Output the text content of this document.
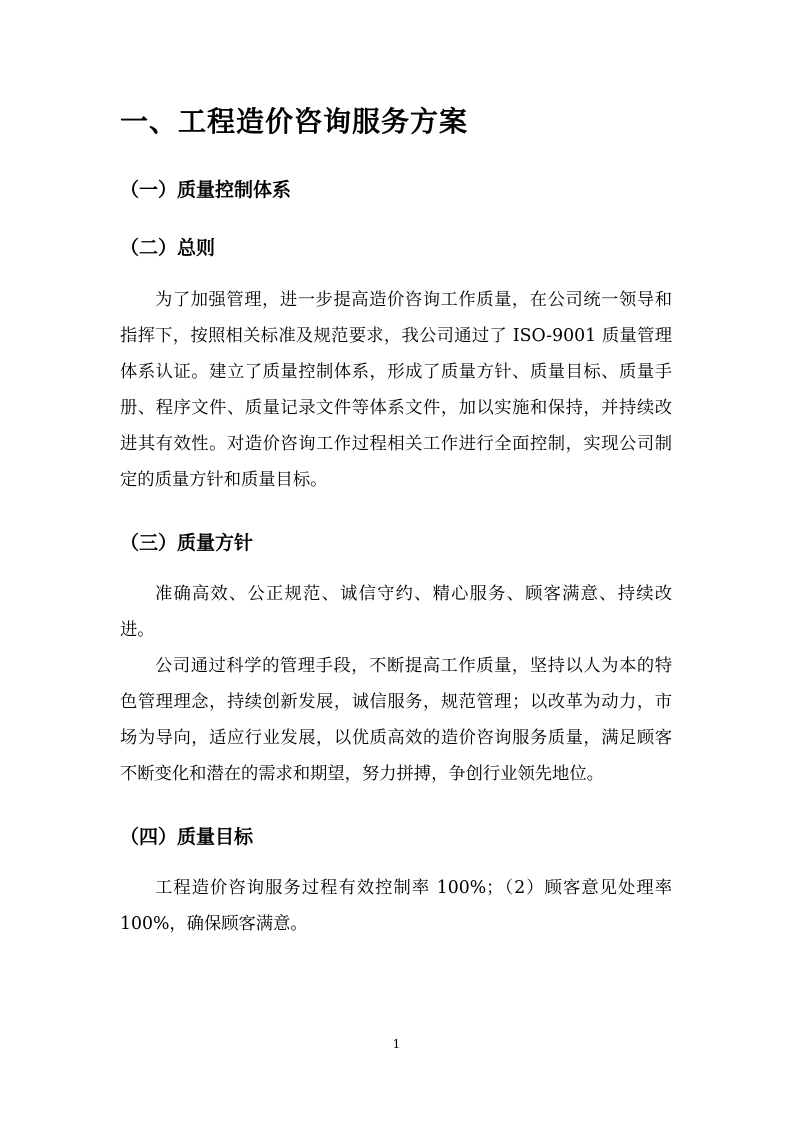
一、工程造价咨询服务方案
（一）质量控制体系
（二）总则
为了加强管理，进一步提高造价咨询工作质量，在公司统一领导和指挥下，按照相关标准及规范要求，我公司通过了 ISO-9001 质量管理体系认证。建立了质量控制体系，形成了质量方针、质量目标、质量手册、程序文件、质量记录文件等体系文件，加以实施和保持，并持续改进其有效性。对造价咨询工作过程相关工作进行全面控制，实现公司制定的质量方针和质量目标。
（三）质量方针
准确高效、公正规范、诚信守约、精心服务、顾客满意、持续改进。
公司通过科学的管理手段，不断提高工作质量，坚持以人为本的特色管理理念，持续创新发展，诚信服务，规范管理；以改革为动力，市场为导向，适应行业发展，以优质高效的造价咨询服务质量，满足顾客不断变化和潜在的需求和期望，努力拼搏，争创行业领先地位。
（四）质量目标
工程造价咨询服务过程有效控制率 100%；（2）顾客意见处理率 100%，确保顾客满意。
1
